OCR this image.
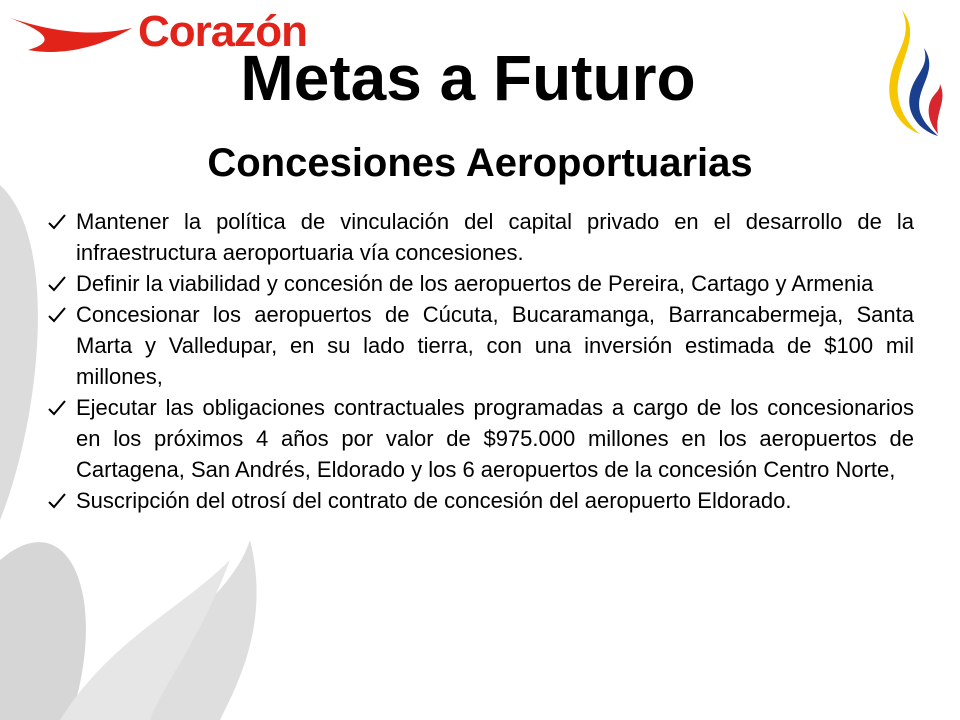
Corazón
Metas a Futuro
Concesiones Aeroportuarias
Mantener la política de vinculación del capital privado en el desarrollo de la infraestructura aeroportuaria vía concesiones.
Definir la viabilidad y concesión de los aeropuertos de Pereira, Cartago y Armenia
Concesionar los aeropuertos de Cúcuta, Bucaramanga, Barrancabermeja, Santa Marta y Valledupar, en su lado tierra, con una inversión estimada de $100 mil millones,
Ejecutar las obligaciones contractuales programadas a cargo de los concesionarios en los próximos 4 años por valor de $975.000 millones en los aeropuertos de Cartagena, San Andrés, Eldorado y los 6 aeropuertos de la concesión Centro Norte,
Suscripción del otrosí del contrato de concesión del aeropuerto Eldorado.
